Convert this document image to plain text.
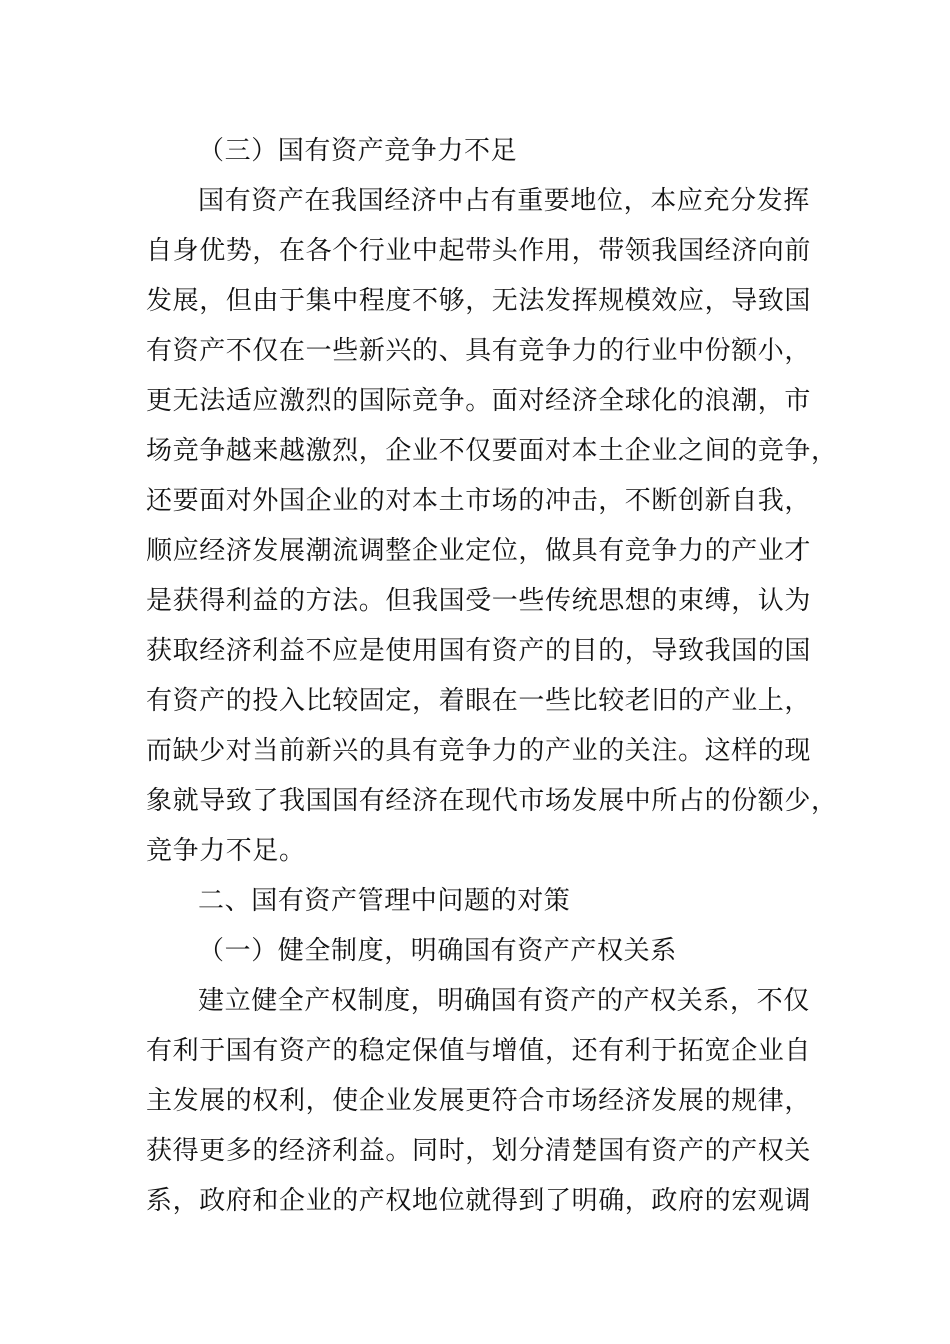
（三）国有资产竞争力不足
国有资产在我国经济中占有重要地位，本应充分发挥
自身优势，在各个行业中起带头作用，带领我国经济向前
发展，但由于集中程度不够，无法发挥规模效应，导致国
有资产不仅在一些新兴的、具有竞争力的行业中份额小，
更无法适应激烈的国际竞争。面对经济全球化的浪潮，市
场竞争越来越激烈，企业不仅要面对本土企业之间的竞争，
还要面对外国企业的对本土市场的冲击，不断创新自我，
顺应经济发展潮流调整企业定位，做具有竞争力的产业才
是获得利益的方法。但我国受一些传统思想的束缚，认为
获取经济利益不应是使用国有资产的目的，导致我国的国
有资产的投入比较固定，着眼在一些比较老旧的产业上，
而缺少对当前新兴的具有竞争力的产业的关注。这样的现
象就导致了我国国有经济在现代市场发展中所占的份额少，
竞争力不足。
二、国有资产管理中问题的对策
（一）健全制度，明确国有资产产权关系
建立健全产权制度，明确国有资产的产权关系，不仅
有利于国有资产的稳定保值与增值，还有利于拓宽企业自
主发展的权利，使企业发展更符合市场经济发展的规律，
获得更多的经济利益。同时，划分清楚国有资产的产权关
系，政府和企业的产权地位就得到了明确，政府的宏观调
